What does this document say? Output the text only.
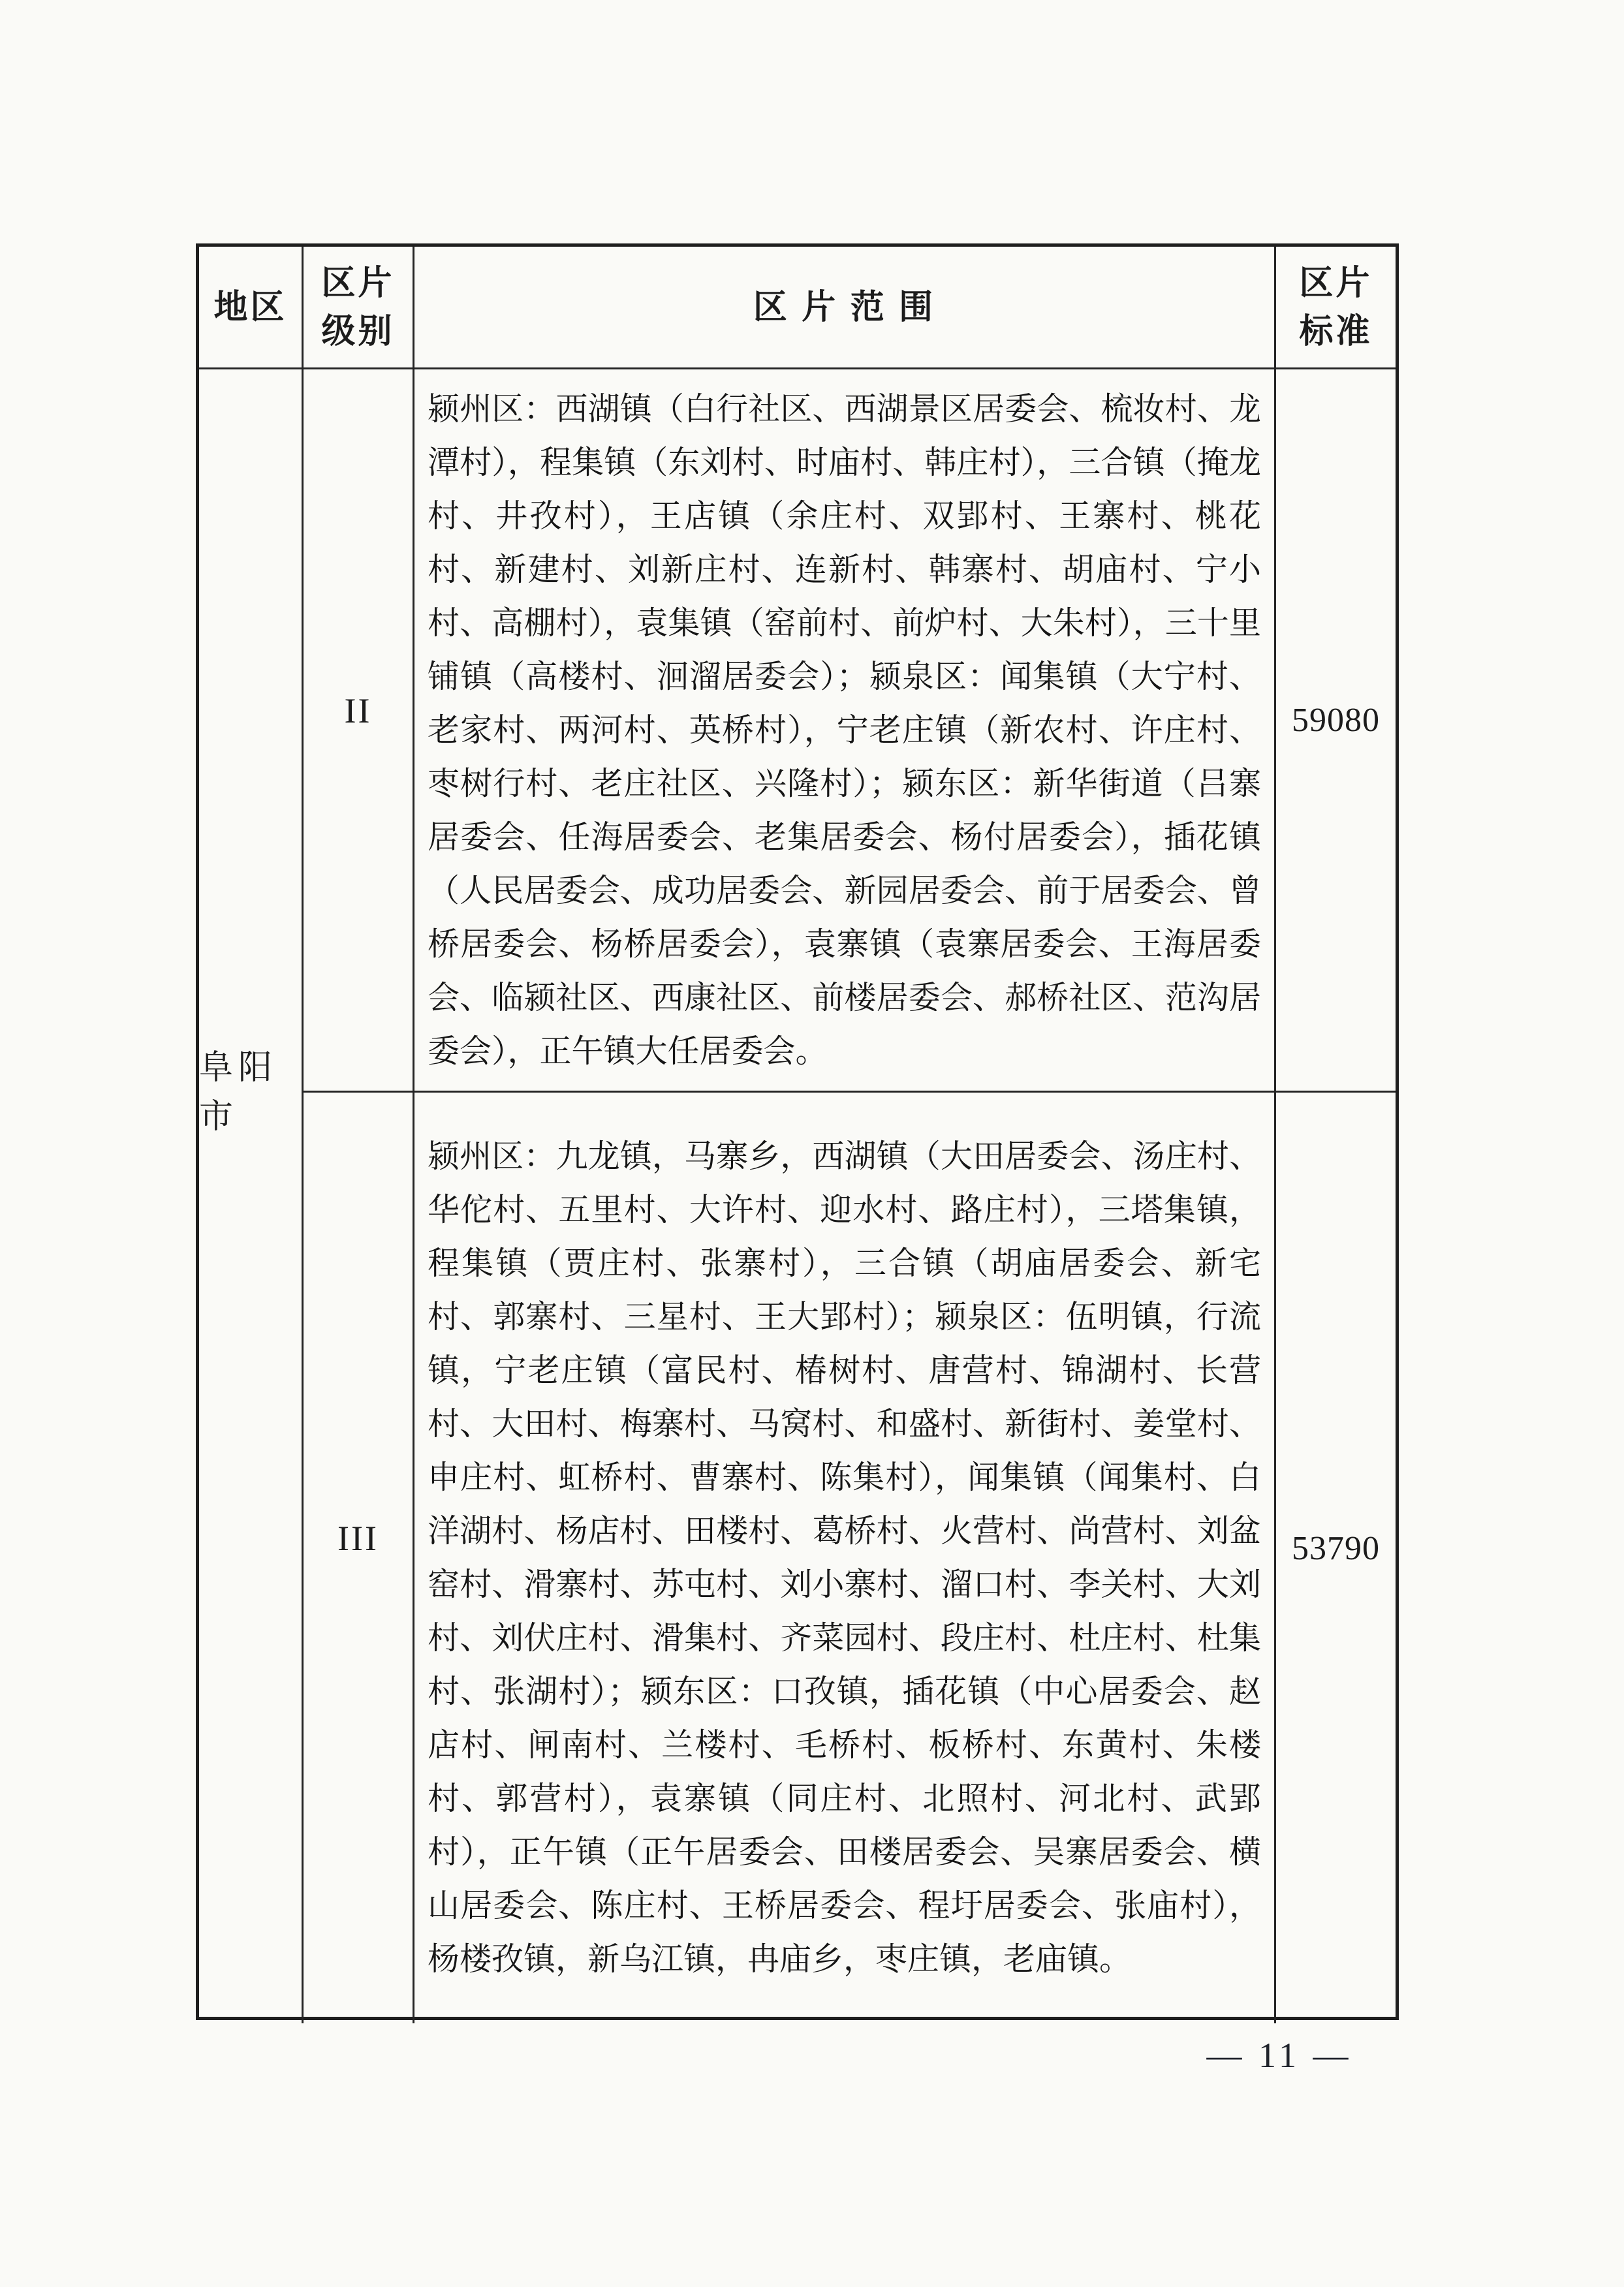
地区
区片
级别
区 片 范 围
区片
标准
阜阳市
II
颍州区：西湖镇（白行社区、西湖景区居委会、梳妆村、龙潭村），程集镇（东刘村、时庙村、韩庄村），三合镇（掩龙村、井孜村），王店镇（余庄村、双郢村、王寨村、桃花村、新建村、刘新庄村、连新村、韩寨村、胡庙村、宁小村、高棚村），袁集镇（窑前村、前炉村、大朱村），三十里铺镇（高楼村、洄溜居委会）；颍泉区：闻集镇（大宁村、老家村、两河村、英桥村），宁老庄镇（新农村、许庄村、枣树行村、老庄社区、兴隆村）；颍东区：新华街道（吕寨居委会、任海居委会、老集居委会、杨付居委会），插花镇（人民居委会、成功居委会、新园居委会、前于居委会、曾桥居委会、杨桥居委会），袁寨镇（袁寨居委会、王海居委会、临颍社区、西康社区、前楼居委会、郝桥社区、范沟居委会），正午镇大任居委会。
59080
III
颍州区：九龙镇，马寨乡，西湖镇（大田居委会、汤庄村、华佗村、五里村、大许村、迎水村、路庄村），三塔集镇，程集镇（贾庄村、张寨村），三合镇（胡庙居委会、新宅村、郭寨村、三星村、王大郢村）；颍泉区：伍明镇，行流镇，宁老庄镇（富民村、椿树村、唐营村、锦湖村、长营村、大田村、梅寨村、马窝村、和盛村、新街村、姜堂村、申庄村、虹桥村、曹寨村、陈集村），闻集镇（闻集村、白洋湖村、杨店村、田楼村、葛桥村、火营村、尚营村、刘盆窑村、滑寨村、苏屯村、刘小寨村、溜口村、李关村、大刘村、刘伏庄村、滑集村、齐菜园村、段庄村、杜庄村、杜集村、张湖村）；颍东区：口孜镇，插花镇（中心居委会、赵店村、闸南村、兰楼村、毛桥村、板桥村、东黄村、朱楼村、郭营村），袁寨镇（同庄村、北照村、河北村、武郢村），正午镇（正午居委会、田楼居委会、吴寨居委会、横山居委会、陈庄村、王桥居委会、程圩居委会、张庙村），杨楼孜镇，新乌江镇，冉庙乡，枣庄镇，老庙镇。
53790
— 11 —
